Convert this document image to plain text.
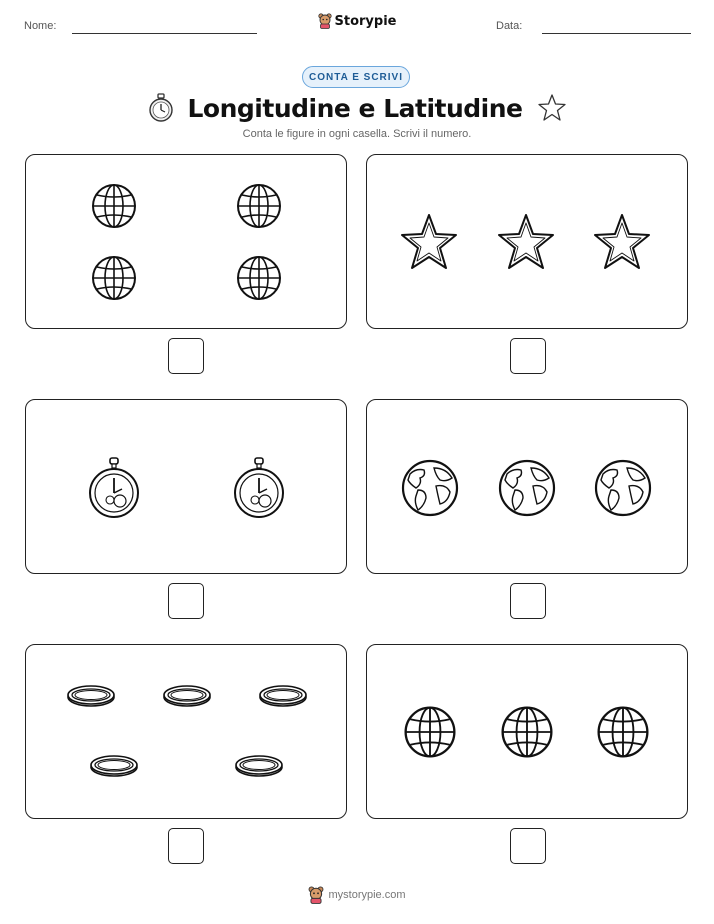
Nome:	Data:
Storypie
CONTA E SCRIVI
Longitudine e Latitudine
Conta le figure in ogni casella. Scrivi il numero.
mystorypie.com
